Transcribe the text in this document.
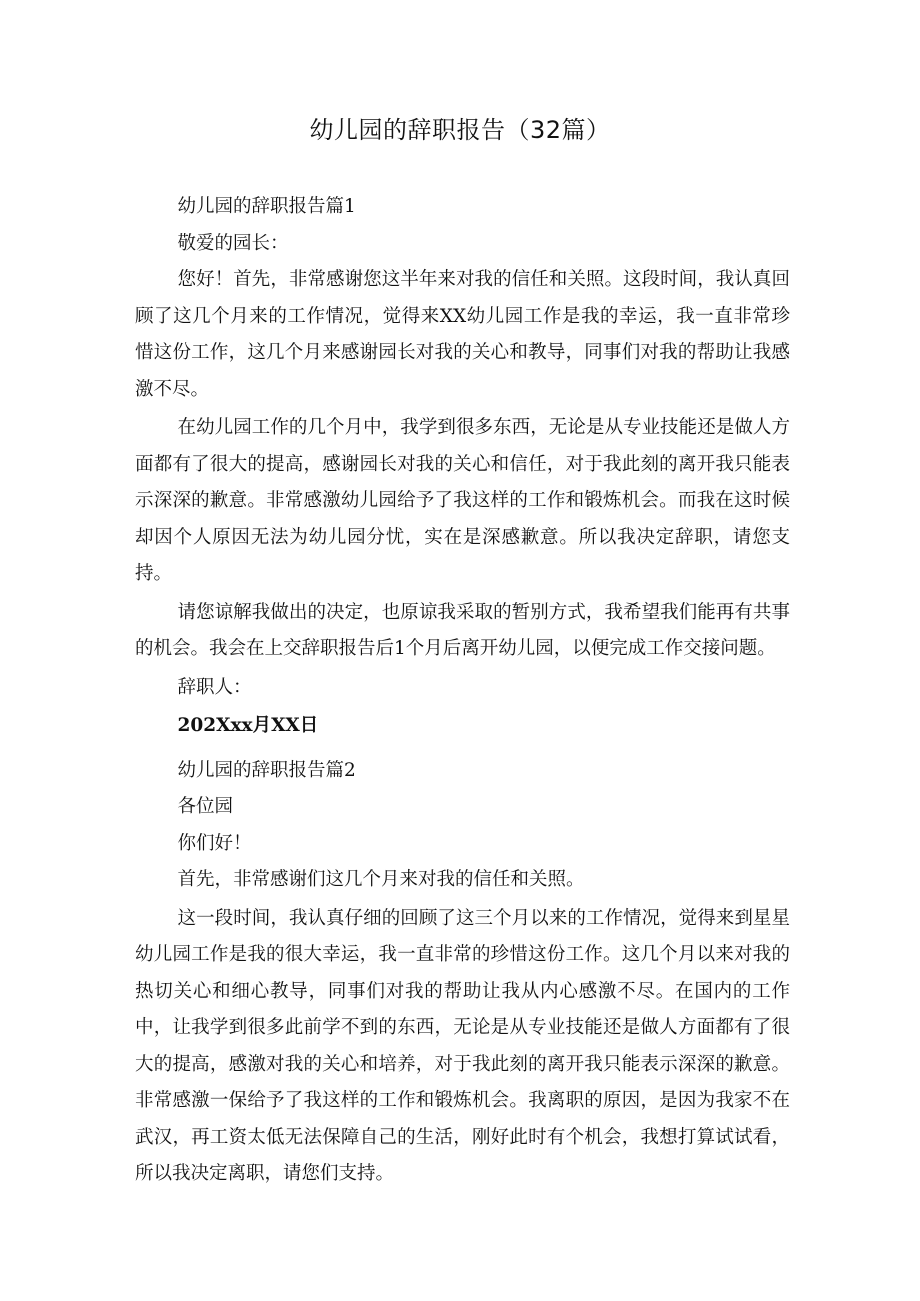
幼儿园的辞职报告（32篇）

幼儿园的辞职报告篇1

敬爱的园长：

您好！首先，非常感谢您这半年来对我的信任和关照。这段时间，我认真回顾了这几个月来的工作情况，觉得来XX幼儿园工作是我的幸运，我一直非常珍惜这份工作，这几个月来感谢园长对我的关心和教导，同事们对我的帮助让我感激不尽。

在幼儿园工作的几个月中，我学到很多东西，无论是从专业技能还是做人方面都有了很大的提高，感谢园长对我的关心和信任，对于我此刻的离开我只能表示深深的歉意。非常感激幼儿园给予了我这样的工作和锻炼机会。而我在这时候却因个人原因无法为幼儿园分忧，实在是深感歉意。所以我决定辞职，请您支持。

请您谅解我做出的决定，也原谅我采取的暂别方式，我希望我们能再有共事的机会。我会在上交辞职报告后1个月后离开幼儿园，以便完成工作交接问题。

辞职人：

202Xxx月XX日

幼儿园的辞职报告篇2

各位园

你们好！

首先，非常感谢们这几个月来对我的信任和关照。

这一段时间，我认真仔细的回顾了这三个月以来的工作情况，觉得来到星星幼儿园工作是我的很大幸运，我一直非常的珍惜这份工作。这几个月以来对我的热切关心和细心教导，同事们对我的帮助让我从内心感激不尽。在国内的工作中，让我学到很多此前学不到的东西，无论是从专业技能还是做人方面都有了很大的提高，感激对我的关心和培养，对于我此刻的离开我只能表示深深的歉意。非常感激一保给予了我这样的工作和锻炼机会。我离职的原因，是因为我家不在武汉，再工资太低无法保障自己的生活，刚好此时有个机会，我想打算试试看，所以我决定离职，请您们支持。
